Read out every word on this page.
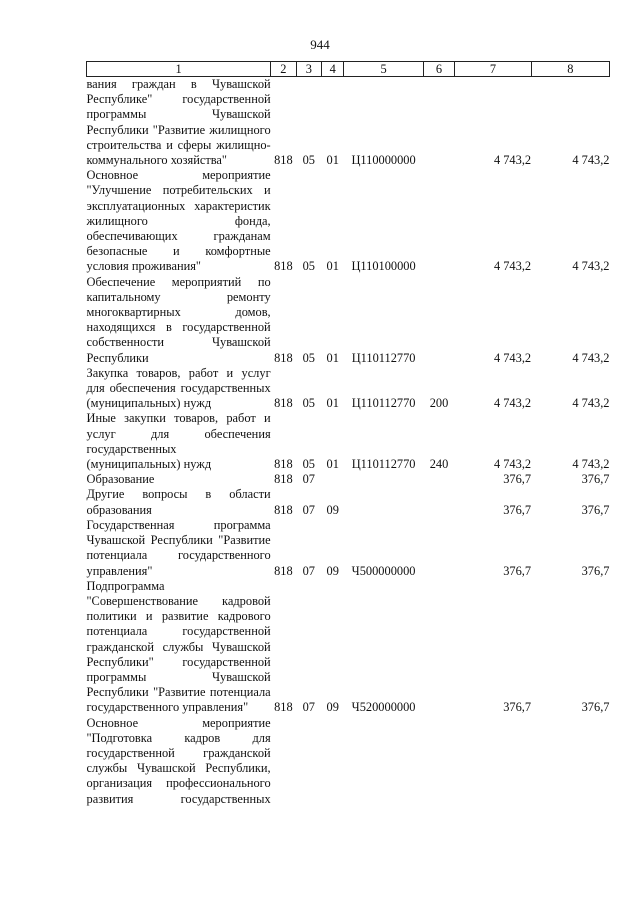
944
1	2	3	4	5	6	7	8
вания граждан в Чувашской Республике" государственной программы Чувашской Республики "Развитие жилищного строительства и сферы жилищно-коммунального хозяйства"	818	05	01	Ц110000000		4 743,2	4 743,2
Основное мероприятие "Улучшение потребительских и эксплуатационных характеристик жилищного фонда, обеспечивающих гражданам безопасные и комфортные условия проживания"	818	05	01	Ц110100000		4 743,2	4 743,2
Обеспечение мероприятий по капитальному ремонту многоквартирных домов, находящихся в государственной собственности Чувашской Республики	818	05	01	Ц110112770		4 743,2	4 743,2
Закупка товаров, работ и услуг для обеспечения государственных (муниципальных) нужд	818	05	01	Ц110112770	200	4 743,2	4 743,2
Иные закупки товаров, работ и услуг для обеспечения государственных (муниципальных) нужд	818	05	01	Ц110112770	240	4 743,2	4 743,2
Образование	818	07				376,7	376,7
Другие вопросы в области образования	818	07	09			376,7	376,7
Государственная программа Чувашской Республики "Развитие потенциала государственного управления"	818	07	09	Ч500000000		376,7	376,7
Подпрограмма "Совершенствование кадровой политики и развитие кадрового потенциала государственной гражданской службы Чувашской Республики" государственной программы Чувашской Республики "Развитие потенциала государственного управления"	818	07	09	Ч520000000		376,7	376,7
Основное мероприятие "Подготовка кадров для государственной гражданской службы Чувашской Республики, организация профессионального развития государственных							
